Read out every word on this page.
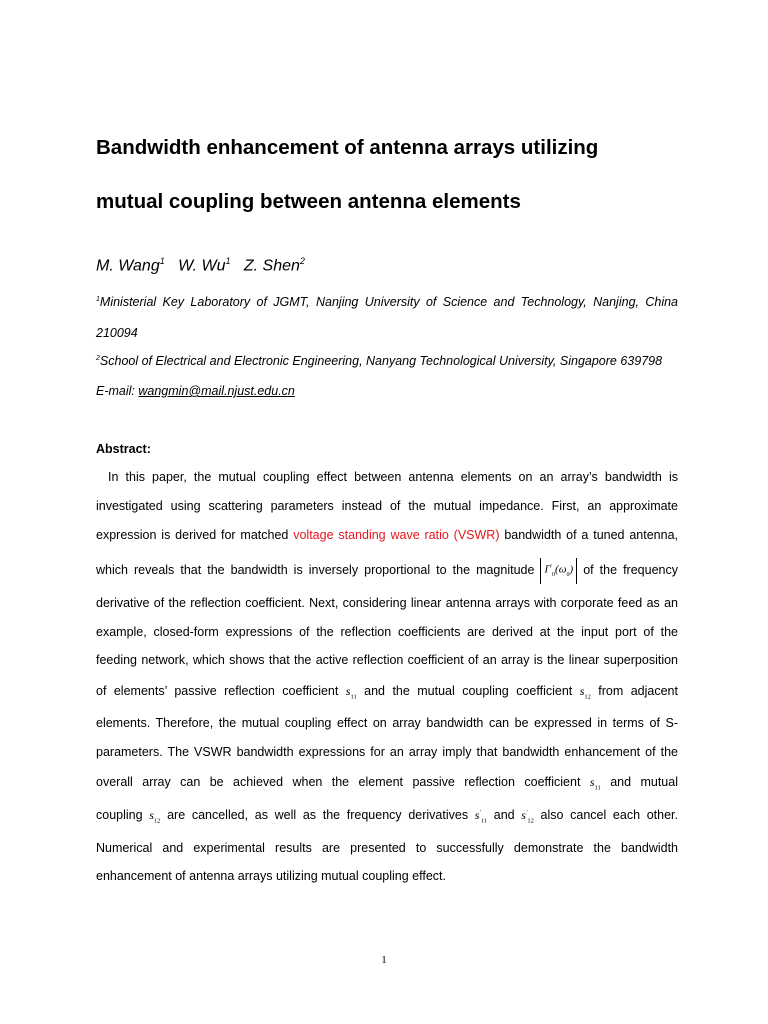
Bandwidth enhancement of antenna arrays utilizing
mutual coupling between antenna elements
M. Wang$^1$ W. Wu$^1$ Z. Shen$^2$
$^1$Ministerial Key Laboratory of JGMT, Nanjing University of Science and Technology, Nanjing, China
210094
$^2$School of Electrical and Electronic Engineering, Nanyang Technological University, Singapore 639798
E-mail: wangmin@mail.njust.edu.cn
Abstract:
In this paper, the mutual coupling effect between antenna elements on an array’s bandwidth is
investigated using scattering parameters instead of the mutual impedance. First, an approximate
expression is derived for matched voltage standing wave ratio (VSWR) bandwidth of a tuned antenna,
which reveals that the bandwidth is inversely proportional to the magnitude $\Gamma'_0(\omega_0)$ of the frequency
derivative of the reflection coefficient. Next, considering linear antenna arrays with corporate feed as an
example, closed-form expressions of the reflection coefficients are derived at the input port of the
feeding network, which shows that the active reflection coefficient of an array is the linear superposition
of elements’ passive reflection coefficient $s_{11}$ and the mutual coupling coefficient $s_{12}$ from adjacent
elements. Therefore, the mutual coupling effect on array bandwidth can be expressed in terms of S-
parameters. The VSWR bandwidth expressions for an array imply that bandwidth enhancement of the
overall array can be achieved when the element passive reflection coefficient $s_{11}$ and mutual
coupling $s_{12}$ are cancelled, as well as the frequency derivatives $s'_{11}$ and $s'_{12}$ also cancel each other.
Numerical and experimental results are presented to successfully demonstrate the bandwidth
enhancement of antenna arrays utilizing mutual coupling effect.
1
